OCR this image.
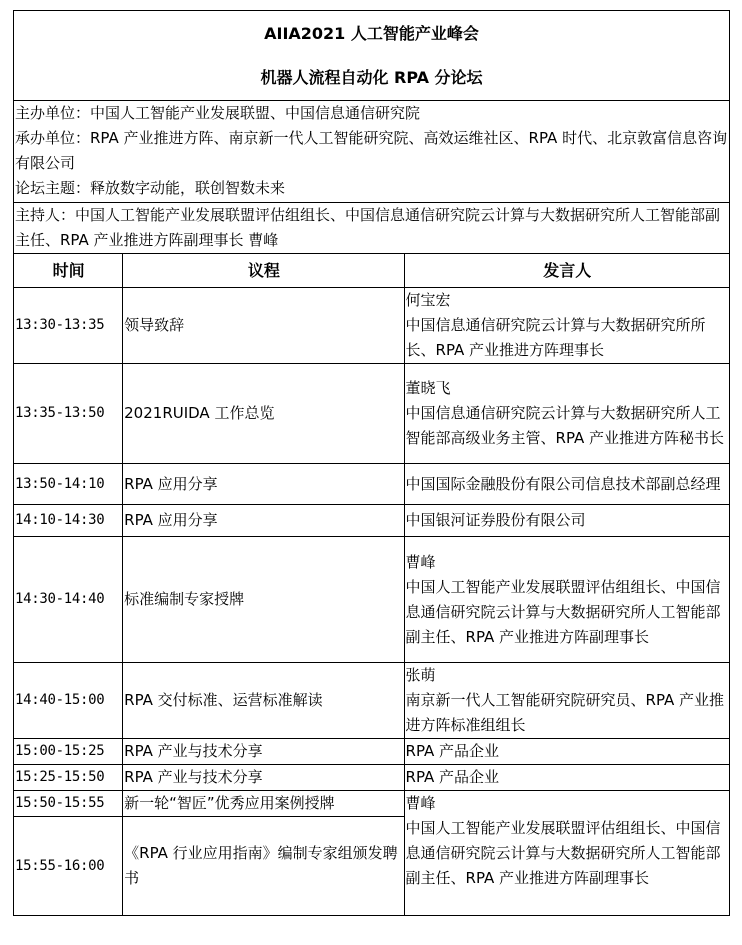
AIIA2021 人工智能产业峰会
机器人流程自动化 RPA 分论坛		

主办单位：中国人工智能产业发展联盟、中国信息通信研究院
承办单位：RPA 产业推进方阵、南京新一代人工智能研究院、高效运维社区、RPA 时代、北京敦富信息咨询有限公司
论坛主题：释放数字动能，联创智数未来		

主持人：中国人工智能产业发展联盟评估组组长、中国信息通信研究院云计算与大数据研究所人工智能部副主任、RPA 产业推进方阵副理事长 曹峰		

时间	议程	发言人
13:30-13:35	领导致辞	何宝宏
中国信息通信研究院云计算与大数据研究所所长、RPA 产业推进方阵理事长

13:35-13:50	2021RUIDA 工作总览	董晓飞
中国信息通信研究院云计算与大数据研究所人工智能部高级业务主管、RPA 产业推进方阵秘书长

13:50-14:10	RPA 应用分享	中国国际金融股份有限公司信息技术部副总经理

14:10-14:30	RPA 应用分享	中国银河证券股份有限公司

14:30-14:40	标准编制专家授牌	曹峰
中国人工智能产业发展联盟评估组组长、中国信息通信研究院云计算与大数据研究所人工智能部副主任、RPA 产业推进方阵副理事长

14:40-15:00	RPA 交付标准、运营标准解读	张萌
南京新一代人工智能研究院研究员、RPA 产业推进方阵标准组组长

15:00-15:25	RPA 产业与技术分享	RPA 产品企业

15:25-15:50	RPA 产业与技术分享	RPA 产品企业

15:50-15:55	新一轮“智匠”优秀应用案例授牌	曹峰
中国人工智能产业发展联盟评估组组长、中国信息通信研究院云计算与大数据研究所人工智能部副主任、RPA 产业推进方阵副理事长

15:55-16:00	《RPA 行业应用指南》编制专家组颁发聘书	
